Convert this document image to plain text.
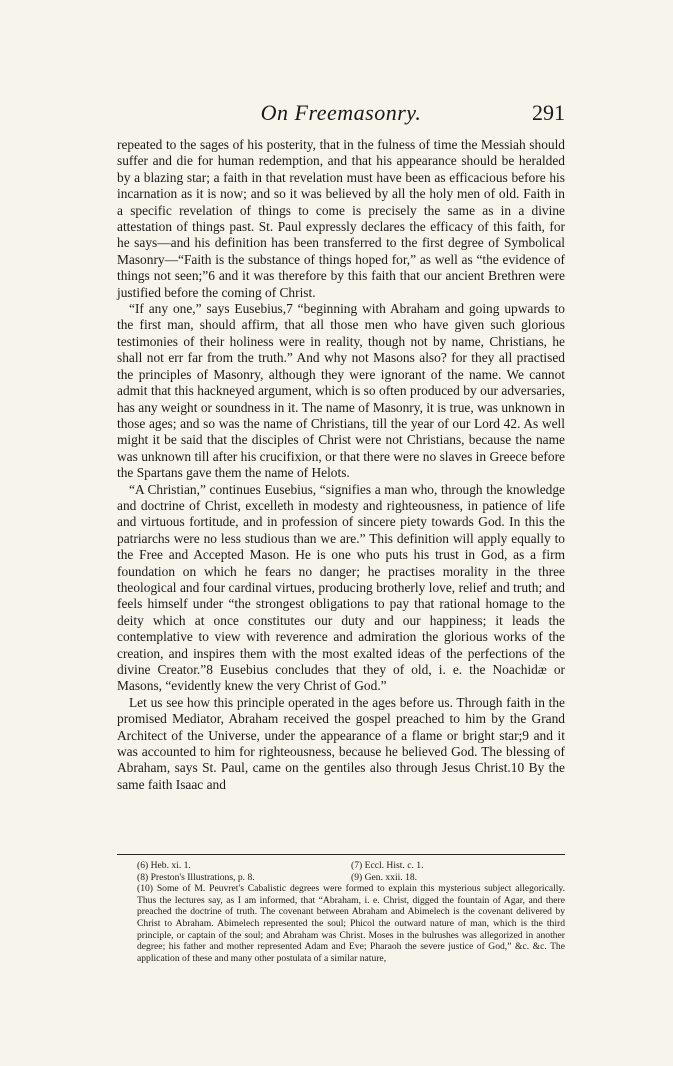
On Freemasonry.	291

repeated to the sages of his posterity, that in the fulness of time the Messiah should suffer and die for human redemption, and that his appearance should be heralded by a blazing star; a faith in that revelation must have been as efficacious before his incarnation as it is now; and so it was believed by all the holy men of old. Faith in a specific revelation of things to come is precisely the same as in a divine attestation of things past. St. Paul expressly declares the efficacy of this faith, for he says—and his definition has been transferred to the first degree of Symbolical Masonry—“Faith is the substance of things hoped for,” as well as “the evidence of things not seen;”6 and it was therefore by this faith that our ancient Brethren were justified before the coming of Christ.

“If any one,” says Eusebius,7 “beginning with Abraham and going upwards to the first man, should affirm, that all those men who have given such glorious testimonies of their holiness were in reality, though not by name, Christians, he shall not err far from the truth.” And why not Masons also? for they all practised the principles of Masonry, although they were ignorant of the name. We cannot admit that this hackneyed argument, which is so often produced by our adversaries, has any weight or soundness in it. The name of Masonry, it is true, was unknown in those ages; and so was the name of Christians, till the year of our Lord 42. As well might it be said that the disciples of Christ were not Christians, because the name was unknown till after his crucifixion, or that there were no slaves in Greece before the Spartans gave them the name of Helots.

“A Christian,” continues Eusebius, “signifies a man who, through the knowledge and doctrine of Christ, excelleth in modesty and righteousness, in patience of life and virtuous fortitude, and in profession of sincere piety towards God. In this the patriarchs were no less studious than we are.” This definition will apply equally to the Free and Accepted Mason. He is one who puts his trust in God, as a firm foundation on which he fears no danger; he practises morality in the three theological and four cardinal virtues, producing brotherly love, relief and truth; and feels himself under “the strongest obligations to pay that rational homage to the deity which at once constitutes our duty and our happiness; it leads the contemplative to view with reverence and admiration the glorious works of the creation, and inspires them with the most exalted ideas of the perfections of the divine Creator.”8 Eusebius concludes that they of old, i. e. the Noachidæ or Masons, “evidently knew the very Christ of God.”

Let us see how this principle operated in the ages before us. Through faith in the promised Mediator, Abraham received the gospel preached to him by the Grand Architect of the Universe, under the appearance of a flame or bright star;9 and it was accounted to him for righteousness, because he believed God. The blessing of Abraham, says St. Paul, came on the gentiles also through Jesus Christ.10 By the same faith Isaac and

(6) Heb. xi. 1.	(7) Eccl. Hist. c. 1.
(8) Preston's Illustrations, p. 8.	(9) Gen. xxii. 18.

(10) Some of M. Peuvret's Cabalistic degrees were formed to explain this mysterious subject allegorically. Thus the lectures say, as I am informed, that “Abraham, i. e. Christ, digged the fountain of Agar, and there preached the doctrine of truth. The covenant between Abraham and Abimelech is the covenant delivered by Christ to Abraham. Abimelech represented the soul; Phicol the outward nature of man, which is the third principle, or captain of the soul; and Abraham was Christ. Moses in the bulrushes was allegorized in another degree; his father and mother represented Adam and Eve; Pharaoh the severe justice of God,” &c. &c. The application of these and many other postulata of a similar nature,
